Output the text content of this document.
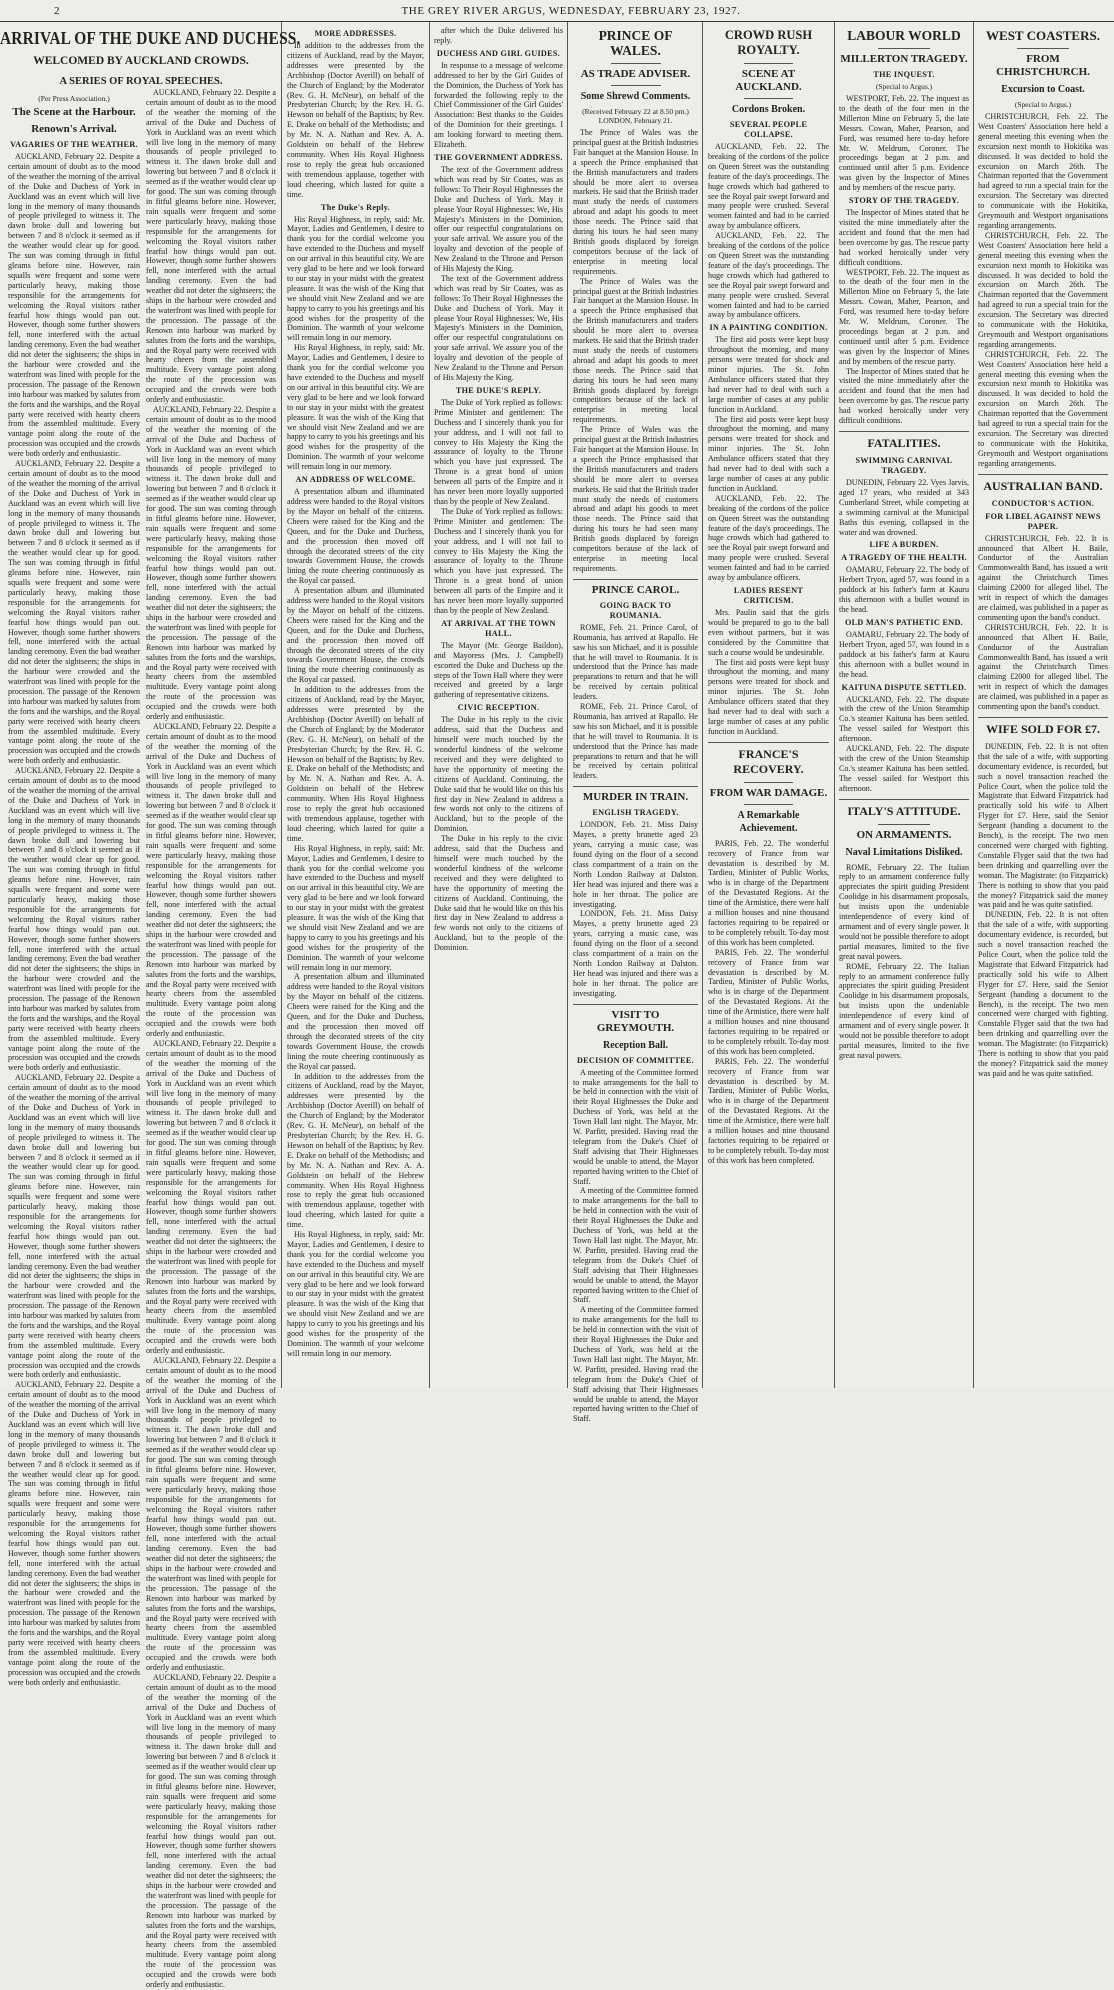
2	THE GREY RIVER ARGUS, WEDNESDAY, FEBRUARY 23, 1927.
ARRIVAL OF THE DUKE AND DUCHESS.
WELCOMED BY AUCKLAND CROWDS.
A SERIES OF ROYAL SPEECHES.
(Per Press Association.)
The Scene at the Harbour.
Renown's Arrival.
VAGARIES OF THE WEATHER.

AUCKLAND, February 22. Despite a certain amount of doubt as to the mood of the weather the morning of the arrival of the Duke and Duchess of York in Auckland was an event which will live long in the memory of many thousands of people privileged to witness it. The dawn broke dull and lowering but between 7 and 8 o'clock it seemed as if the weather would clear up for good. The sun was coming through in fitful gleams before nine. However, rain squalls were frequent and some were particularly heavy, making those responsible for the arrangements for welcoming the Royal visitors rather fearful how things would pan out. However, though some further showers fell, none interfered with the actual landing ceremony. Even the bad weather did not deter the sightseers; the ships in the harbour were crowded and the waterfront was lined with people for the procession. The passage of the Renown into harbour was marked by salutes from the forts and the warships, and the Royal party were received with hearty cheers from the assembled multitude. Every vantage point along the route of the procession was occupied and the crowds were both orderly and enthusiastic.

AUCKLAND, February 22. Despite a certain amount of doubt as to the mood of the weather the morning of the arrival of the Duke and Duchess of York in Auckland was an event which will live long in the memory of many thousands of people privileged to witness it. The dawn broke dull and lowering but between 7 and 8 o'clock it seemed as if the weather would clear up for good. The sun was coming through in fitful gleams before nine. However, rain squalls were frequent and some were particularly heavy, making those responsible for the arrangements for welcoming the Royal visitors rather fearful how things would pan out. However, though some further showers fell, none interfered with the actual landing ceremony. Even the bad weather did not deter the sightseers; the ships in the harbour were crowded and the waterfront was lined with people for the procession. The passage of the Renown into harbour was marked by salutes from the forts and the warships, and the Royal party were received with hearty cheers from the assembled multitude. Every vantage point along the route of the procession was occupied and the crowds were both orderly and enthusiastic.

AUCKLAND, February 22. Despite a certain amount of doubt as to the mood of the weather the morning of the arrival of the Duke and Duchess of York in Auckland was an event which will live long in the memory of many thousands of people privileged to witness it. The dawn broke dull and lowering but between 7 and 8 o'clock it seemed as if the weather would clear up for good. The sun was coming through in fitful gleams before nine. However, rain squalls were frequent and some were particularly heavy, making those responsible for the arrangements for welcoming the Royal visitors rather fearful how things would pan out. However, though some further showers fell, none interfered with the actual landing ceremony. Even the bad weather did not deter the sightseers; the ships in the harbour were crowded and the waterfront was lined with people for the procession. The passage of the Renown into harbour was marked by salutes from the forts and the warships, and the Royal party were received with hearty cheers from the assembled multitude. Every vantage point along the route of the procession was occupied and the crowds were both orderly and enthusiastic.

AUCKLAND, February 22. Despite a certain amount of doubt as to the mood of the weather the morning of the arrival of the Duke and Duchess of York in Auckland was an event which will live long in the memory of many thousands of people privileged to witness it. The dawn broke dull and lowering but between 7 and 8 o'clock it seemed as if the weather would clear up for good. The sun was coming through in fitful gleams before nine. However, rain squalls were frequent and some were particularly heavy, making those responsible for the arrangements for welcoming the Royal visitors rather fearful how things would pan out. However, though some further showers fell, none interfered with the actual landing ceremony. Even the bad weather did not deter the sightseers; the ships in the harbour were crowded and the waterfront was lined with people for the procession. The passage of the Renown into harbour was marked by salutes from the forts and the warships, and the Royal party were received with hearty cheers from the assembled multitude. Every vantage point along the route of the procession was occupied and the crowds were both orderly and enthusiastic.

AUCKLAND, February 22. Despite a certain amount of doubt as to the mood of the weather the morning of the arrival of the Duke and Duchess of York in Auckland was an event which will live long in the memory of many thousands of people privileged to witness it. The dawn broke dull and lowering but between 7 and 8 o'clock it seemed as if the weather would clear up for good. The sun was coming through in fitful gleams before nine. However, rain squalls were frequent and some were particularly heavy, making those responsible for the arrangements for welcoming the Royal visitors rather fearful how things would pan out. However, though some further showers fell, none interfered with the actual landing ceremony. Even the bad weather did not deter the sightseers; the ships in the harbour were crowded and the waterfront was lined with people for the procession. The passage of the Renown into harbour was marked by salutes from the forts and the warships, and the Royal party were received with hearty cheers from the assembled multitude. Every vantage point along the route of the procession was occupied and the crowds were both orderly and enthusiastic.

AUCKLAND, February 22. Despite a certain amount of doubt as to the mood of the weather the morning of the arrival of the Duke and Duchess of York in Auckland was an event which will live long in the memory of many thousands of people privileged to witness it. The dawn broke dull and lowering but between 7 and 8 o'clock it seemed as if the weather would clear up for good. The sun was coming through in fitful gleams before nine. However, rain squalls were frequent and some were particularly heavy, making those responsible for the arrangements for welcoming the Royal visitors rather fearful how things would pan out. However, though some further showers fell, none interfered with the actual landing ceremony. Even the bad weather did not deter the sightseers; the ships in the harbour were crowded and the waterfront was lined with people for the procession. The passage of the Renown into harbour was marked by salutes from the forts and the warships, and the Royal party were received with hearty cheers from the assembled multitude. Every vantage point along the route of the procession was occupied and the crowds were both orderly and enthusiastic.

AUCKLAND, February 22. Despite a certain amount of doubt as to the mood of the weather the morning of the arrival of the Duke and Duchess of York in Auckland was an event which will live long in the memory of many thousands of people privileged to witness it. The dawn broke dull and lowering but between 7 and 8 o'clock it seemed as if the weather would clear up for good. The sun was coming through in fitful gleams before nine. However, rain squalls were frequent and some were particularly heavy, making those responsible for the arrangements for welcoming the Royal visitors rather fearful how things would pan out. However, though some further showers fell, none interfered with the actual landing ceremony. Even the bad weather did not deter the sightseers; the ships in the harbour were crowded and the waterfront was lined with people for the procession. The passage of the Renown into harbour was marked by salutes from the forts and the warships, and the Royal party were received with hearty cheers from the assembled multitude. Every vantage point along the route of the procession was occupied and the crowds were both orderly and enthusiastic.

AUCKLAND, February 22. Despite a certain amount of doubt as to the mood of the weather the morning of the arrival of the Duke and Duchess of York in Auckland was an event which will live long in the memory of many thousands of people privileged to witness it. The dawn broke dull and lowering but between 7 and 8 o'clock it seemed as if the weather would clear up for good. The sun was coming through in fitful gleams before nine. However, rain squalls were frequent and some were particularly heavy, making those responsible for the arrangements for welcoming the Royal visitors rather fearful how things would pan out. However, though some further showers fell, none interfered with the actual landing ceremony. Even the bad weather did not deter the sightseers; the ships in the harbour were crowded and the waterfront was lined with people for the procession. The passage of the Renown into harbour was marked by salutes from the forts and the warships, and the Royal party were received with hearty cheers from the assembled multitude. Every vantage point along the route of the procession was occupied and the crowds were both orderly and enthusiastic.

AUCKLAND, February 22. Despite a certain amount of doubt as to the mood of the weather the morning of the arrival of the Duke and Duchess of York in Auckland was an event which will live long in the memory of many thousands of people privileged to witness it. The dawn broke dull and lowering but between 7 and 8 o'clock it seemed as if the weather would clear up for good. The sun was coming through in fitful gleams before nine. However, rain squalls were frequent and some were particularly heavy, making those responsible for the arrangements for welcoming the Royal visitors rather fearful how things would pan out. However, though some further showers fell, none interfered with the actual landing ceremony. Even the bad weather did not deter the sightseers; the ships in the harbour were crowded and the waterfront was lined with people for the procession. The passage of the Renown into harbour was marked by salutes from the forts and the warships, and the Royal party were received with hearty cheers from the assembled multitude. Every vantage point along the route of the procession was occupied and the crowds were both orderly and enthusiastic.

AUCKLAND, February 22. Despite a certain amount of doubt as to the mood of the weather the morning of the arrival of the Duke and Duchess of York in Auckland was an event which will live long in the memory of many thousands of people privileged to witness it. The dawn broke dull and lowering but between 7 and 8 o'clock it seemed as if the weather would clear up for good. The sun was coming through in fitful gleams before nine. However, rain squalls were frequent and some were particularly heavy, making those responsible for the arrangements for welcoming the Royal visitors rather fearful how things would pan out. However, though some further showers fell, none interfered with the actual landing ceremony. Even the bad weather did not deter the sightseers; the ships in the harbour were crowded and the waterfront was lined with people for the procession. The passage of the Renown into harbour was marked by salutes from the forts and the warships, and the Royal party were received with hearty cheers from the assembled multitude. Every vantage point along the route of the procession was occupied and the crowds were both orderly and enthusiastic.

AUCKLAND, February 22. Despite a certain amount of doubt as to the mood of the weather the morning of the arrival of the Duke and Duchess of York in Auckland was an event which will live long in the memory of many thousands of people privileged to witness it. The dawn broke dull and lowering but between 7 and 8 o'clock it seemed as if the weather would clear up for good. The sun was coming through in fitful gleams before nine. However, rain squalls were frequent and some were particularly heavy, making those responsible for the arrangements for welcoming the Royal visitors rather fearful how things would pan out. However, though some further showers fell, none interfered with the actual landing ceremony. Even the bad weather did not deter the sightseers; the ships in the harbour were crowded and the waterfront was lined with people for the procession. The passage of the Renown into harbour was marked by salutes from the forts and the warships, and the Royal party were received with hearty cheers from the assembled multitude. Every vantage point along the route of the procession was occupied and the crowds were both orderly and enthusiastic.

MORE ADDRESSES.

In addition to the addresses from the citizens of Auckland, read by the Mayor, addresses were presented by the Archbishop (Doctor Averill) on behalf of the Church of England; by the Moderator (Rev. G. H. McNeur), on behalf of the Presbyterian Church; by the Rev. H. G. Hewson on behalf of the Baptists; by Rev. E. Drake on behalf of the Methodists; and by Mr. N. A. Nathan and Rev. A. A. Goldstein on behalf of the Hebrew community. When His Royal Highness rose to reply the great hub occasioned with tremendous applause, together with loud cheering, which lasted for quite a time.

The Duke's Reply.

His Royal Highness, in reply, said: Mr. Mayor, Ladies and Gentlemen, I desire to thank you for the cordial welcome you have extended to the Duchess and myself on our arrival in this beautiful city. We are very glad to be here and we look forward to our stay in your midst with the greatest pleasure. It was the wish of the King that we should visit New Zealand and we are happy to carry to you his greetings and his good wishes for the prosperity of the Dominion. The warmth of your welcome will remain long in our memory.

His Royal Highness, in reply, said: Mr. Mayor, Ladies and Gentlemen, I desire to thank you for the cordial welcome you have extended to the Duchess and myself on our arrival in this beautiful city. We are very glad to be here and we look forward to our stay in your midst with the greatest pleasure. It was the wish of the King that we should visit New Zealand and we are happy to carry to you his greetings and his good wishes for the prosperity of the Dominion. The warmth of your welcome will remain long in our memory.

AN ADDRESS OF WELCOME.

A presentation album and illuminated address were handed to the Royal visitors by the Mayor on behalf of the citizens. Cheers were raised for the King and the Queen, and for the Duke and Duchess, and the procession then moved off through the decorated streets of the city towards Government House, the crowds lining the route cheering continuously as the Royal car passed.

A presentation album and illuminated address were handed to the Royal visitors by the Mayor on behalf of the citizens. Cheers were raised for the King and the Queen, and for the Duke and Duchess, and the procession then moved off through the decorated streets of the city towards Government House, the crowds lining the route cheering continuously as the Royal car passed.

In addition to the addresses from the citizens of Auckland, read by the Mayor, addresses were presented by the Archbishop (Doctor Averill) on behalf of the Church of England; by the Moderator (Rev. G. H. McNeur), on behalf of the Presbyterian Church; by the Rev. H. G. Hewson on behalf of the Baptists; by Rev. E. Drake on behalf of the Methodists; and by Mr. N. A. Nathan and Rev. A. A. Goldstein on behalf of the Hebrew community. When His Royal Highness rose to reply the great hub occasioned with tremendous applause, together with loud cheering, which lasted for quite a time.

His Royal Highness, in reply, said: Mr. Mayor, Ladies and Gentlemen, I desire to thank you for the cordial welcome you have extended to the Duchess and myself on our arrival in this beautiful city. We are very glad to be here and we look forward to our stay in your midst with the greatest pleasure. It was the wish of the King that we should visit New Zealand and we are happy to carry to you his greetings and his good wishes for the prosperity of the Dominion. The warmth of your welcome will remain long in our memory.

A presentation album and illuminated address were handed to the Royal visitors by the Mayor on behalf of the citizens. Cheers were raised for the King and the Queen, and for the Duke and Duchess, and the procession then moved off through the decorated streets of the city towards Government House, the crowds lining the route cheering continuously as the Royal car passed.

In addition to the addresses from the citizens of Auckland, read by the Mayor, addresses were presented by the Archbishop (Doctor Averill) on behalf of the Church of England; by the Moderator (Rev. G. H. McNeur), on behalf of the Presbyterian Church; by the Rev. H. G. Hewson on behalf of the Baptists; by Rev. E. Drake on behalf of the Methodists; and by Mr. N. A. Nathan and Rev. A. A. Goldstein on behalf of the Hebrew community. When His Royal Highness rose to reply the great hub occasioned with tremendous applause, together with loud cheering, which lasted for quite a time.

His Royal Highness, in reply, said: Mr. Mayor, Ladies and Gentlemen, I desire to thank you for the cordial welcome you have extended to the Duchess and myself on our arrival in this beautiful city. We are very glad to be here and we look forward to our stay in your midst with the greatest pleasure. It was the wish of the King that we should visit New Zealand and we are happy to carry to you his greetings and his good wishes for the prosperity of the Dominion. The warmth of your welcome will remain long in our memory.

after which the Duke delivered his reply.

DUCHESS AND GIRL GUIDES.

In response to a message of welcome addressed to her by the Girl Guides of the Dominion, the Duchess of York has forwarded the following reply to the Chief Commissioner of the Girl Guides' Association: Best thanks to the Guides of the Dominion for their greetings. I am looking forward to meeting them. Elizabeth.

THE GOVERNMENT ADDRESS.

The text of the Government address which was read by Sir Coates, was as follows: To Their Royal Highnesses the Duke and Duchess of York. May it please Your Royal Highnesses: We, His Majesty's Ministers in the Dominion, offer our respectful congratulations on your safe arrival. We assure you of the loyalty and devotion of the people of New Zealand to the Throne and Person of His Majesty the King.

The text of the Government address which was read by Sir Coates, was as follows: To Their Royal Highnesses the Duke and Duchess of York. May it please Your Royal Highnesses: We, His Majesty's Ministers in the Dominion, offer our respectful congratulations on your safe arrival. We assure you of the loyalty and devotion of the people of New Zealand to the Throne and Person of His Majesty the King.

THE DUKE'S REPLY.

The Duke of York replied as follows: Prime Minister and gentlemen: The Duchess and I sincerely thank you for your address, and I will not fail to convey to His Majesty the King the assurance of loyalty to the Throne which you have just expressed. The Throne is a great bond of union between all parts of the Empire and it has never been more loyally supported than by the people of New Zealand.

The Duke of York replied as follows: Prime Minister and gentlemen: The Duchess and I sincerely thank you for your address, and I will not fail to convey to His Majesty the King the assurance of loyalty to the Throne which you have just expressed. The Throne is a great bond of union between all parts of the Empire and it has never been more loyally supported than by the people of New Zealand.

AT ARRIVAL AT THE TOWN HALL.

The Mayor (Mr. George Baildon), and Mayoress (Mrs. J. Campbell) escorted the Duke and Duchess up the steps of the Town Hall where they were received and greeted by a large gathering of representative citizens.

CIVIC RECEPTION.

The Duke in his reply to the civic address, said that the Duchess and himself were much touched by the wonderful kindness of the welcome received and they were delighted to have the opportunity of meeting the citizens of Auckland. Continuing, the Duke said that he would like on this his first day in New Zealand to address a few words not only to the citizens of Auckland, but to the people of the Dominion.

The Duke in his reply to the civic address, said that the Duchess and himself were much touched by the wonderful kindness of the welcome received and they were delighted to have the opportunity of meeting the citizens of Auckland. Continuing, the Duke said that he would like on this his first day in New Zealand to address a few words not only to the citizens of Auckland, but to the people of the Dominion.

PRINCE OF WALES.
AS TRADE ADVISER.
Some Shrewd Comments.
(Received February 22 at 8.50 pm.) LONDON, February 21.

The Prince of Wales was the principal guest at the British Industries Fair banquet at the Mansion House. In a speech the Prince emphasised that the British manufacturers and traders should be more alert to oversea markets. He said that the British trader must study the needs of customers abroad and adapt his goods to meet those needs. The Prince said that during his tours he had seen many British goods displaced by foreign competitors because of the lack of enterprise in meeting local requirements.

The Prince of Wales was the principal guest at the British Industries Fair banquet at the Mansion House. In a speech the Prince emphasised that the British manufacturers and traders should be more alert to oversea markets. He said that the British trader must study the needs of customers abroad and adapt his goods to meet those needs. The Prince said that during his tours he had seen many British goods displaced by foreign competitors because of the lack of enterprise in meeting local requirements.

The Prince of Wales was the principal guest at the British Industries Fair banquet at the Mansion House. In a speech the Prince emphasised that the British manufacturers and traders should be more alert to oversea markets. He said that the British trader must study the needs of customers abroad and adapt his goods to meet those needs. The Prince said that during his tours he had seen many British goods displaced by foreign competitors because of the lack of enterprise in meeting local requirements.

PRINCE CAROL.
GOING BACK TO ROUMANIA.

ROME, Feb. 21. Prince Carol, of Roumania, has arrived at Rapallo. He saw his son Michael, and it is possible that he will travel to Roumania. It is understood that the Prince has made preparations to return and that he will be received by certain political leaders.

ROME, Feb. 21. Prince Carol, of Roumania, has arrived at Rapallo. He saw his son Michael, and it is possible that he will travel to Roumania. It is understood that the Prince has made preparations to return and that he will be received by certain political leaders.

MURDER IN TRAIN.
ENGLISH TRAGEDY.

LONDON, Feb. 21. Miss Daisy Mayes, a pretty brunette aged 23 years, carrying a music case, was found dying on the floor of a second class compartment of a train on the North London Railway at Dalston. Her head was injured and there was a hole in her throat. The police are investigating.

LONDON, Feb. 21. Miss Daisy Mayes, a pretty brunette aged 23 years, carrying a music case, was found dying on the floor of a second class compartment of a train on the North London Railway at Dalston. Her head was injured and there was a hole in her throat. The police are investigating.

VISIT TO GREYMOUTH.
Reception Ball.
DECISION OF COMMITTEE.

A meeting of the Committee formed to make arrangements for the ball to be held in connection with the visit of their Royal Highnesses the Duke and Duchess of York, was held at the Town Hall last night. The Mayor, Mr. W. Parfitt, presided. Having read the telegram from the Duke's Chief of Staff advising that Their Highnesses would be unable to attend, the Mayor reported having written to the Chief of Staff.

A meeting of the Committee formed to make arrangements for the ball to be held in connection with the visit of their Royal Highnesses the Duke and Duchess of York, was held at the Town Hall last night. The Mayor, Mr. W. Parfitt, presided. Having read the telegram from the Duke's Chief of Staff advising that Their Highnesses would be unable to attend, the Mayor reported having written to the Chief of Staff.

A meeting of the Committee formed to make arrangements for the ball to be held in connection with the visit of their Royal Highnesses the Duke and Duchess of York, was held at the Town Hall last night. The Mayor, Mr. W. Parfitt, presided. Having read the telegram from the Duke's Chief of Staff advising that Their Highnesses would be unable to attend, the Mayor reported having written to the Chief of Staff.

CROWD RUSH ROYALTY.
SCENE AT AUCKLAND.
Cordons Broken.
SEVERAL PEOPLE COLLAPSE.

AUCKLAND, Feb. 22. The breaking of the cordons of the police on Queen Street was the outstanding feature of the day's proceedings. The huge crowds which had gathered to see the Royal pair swept forward and many people were crushed. Several women fainted and had to be carried away by ambulance officers.

AUCKLAND, Feb. 22. The breaking of the cordons of the police on Queen Street was the outstanding feature of the day's proceedings. The huge crowds which had gathered to see the Royal pair swept forward and many people were crushed. Several women fainted and had to be carried away by ambulance officers.

IN A PAINTING CONDITION.

The first aid posts were kept busy throughout the morning, and many persons were treated for shock and minor injuries. The St. John Ambulance officers stated that they had never had to deal with such a large number of cases at any public function in Auckland.

The first aid posts were kept busy throughout the morning, and many persons were treated for shock and minor injuries. The St. John Ambulance officers stated that they had never had to deal with such a large number of cases at any public function in Auckland.

AUCKLAND, Feb. 22. The breaking of the cordons of the police on Queen Street was the outstanding feature of the day's proceedings. The huge crowds which had gathered to see the Royal pair swept forward and many people were crushed. Several women fainted and had to be carried away by ambulance officers.

LADIES RESENT CRITICISM.

Mrs. Paulin said that the girls would be prepared to go to the ball even without partners, but it was considered by the Committee that such a course would be undesirable.

The first aid posts were kept busy throughout the morning, and many persons were treated for shock and minor injuries. The St. John Ambulance officers stated that they had never had to deal with such a large number of cases at any public function in Auckland.

FRANCE'S RECOVERY.
FROM WAR DAMAGE.
A Remarkable Achievement.

PARIS, Feb. 22. The wonderful recovery of France from war devastation is described by M. Tardieu, Minister of Public Works, who is in charge of the Department of the Devastated Regions. At the time of the Armistice, there were half a million houses and nine thousand factories requiring to be repaired or to be completely rebuilt. To-day most of this work has been completed.

PARIS, Feb. 22. The wonderful recovery of France from war devastation is described by M. Tardieu, Minister of Public Works, who is in charge of the Department of the Devastated Regions. At the time of the Armistice, there were half a million houses and nine thousand factories requiring to be repaired or to be completely rebuilt. To-day most of this work has been completed.

PARIS, Feb. 22. The wonderful recovery of France from war devastation is described by M. Tardieu, Minister of Public Works, who is in charge of the Department of the Devastated Regions. At the time of the Armistice, there were half a million houses and nine thousand factories requiring to be repaired or to be completely rebuilt. To-day most of this work has been completed.

LABOUR WORLD
MILLERTON TRAGEDY.
THE INQUEST.
(Special to Argus.)

WESTPORT, Feb. 22. The inquest as to the death of the four men in the Millerton Mine on February 5, the late Messrs. Cowan, Maher, Pearson, and Ford, was resumed here to-day before Mr. W. Meldrum, Coroner. The proceedings began at 2 p.m. and continued until after 5 p.m. Evidence was given by the Inspector of Mines and by members of the rescue party.

STORY OF THE TRAGEDY.

The Inspector of Mines stated that he visited the mine immediately after the accident and found that the men had been overcome by gas. The rescue party had worked heroically under very difficult conditions.

WESTPORT, Feb. 22. The inquest as to the death of the four men in the Millerton Mine on February 5, the late Messrs. Cowan, Maher, Pearson, and Ford, was resumed here to-day before Mr. W. Meldrum, Coroner. The proceedings began at 2 p.m. and continued until after 5 p.m. Evidence was given by the Inspector of Mines and by members of the rescue party.

The Inspector of Mines stated that he visited the mine immediately after the accident and found that the men had been overcome by gas. The rescue party had worked heroically under very difficult conditions.

FATALITIES.
SWIMMING CARNIVAL TRAGEDY.

DUNEDIN, February 22. Vyes Jarvis, aged 17 years, who resided at 343 Cumberland Street, while competing at a swimming carnival at the Municipal Baths this evening, collapsed in the water and was drowned.

LIFE A BURDEN.
A TRAGEDY OF THE HEALTH.

OAMARU, February 22. The body of Herbert Tryon, aged 57, was found in a paddock at his father's farm at Kauru this afternoon with a bullet wound in the head.

OLD MAN'S PATHETIC END.

OAMARU, February 22. The body of Herbert Tryon, aged 57, was found in a paddock at his father's farm at Kauru this afternoon with a bullet wound in the head.

KAITUNA DISPUTE SETTLED.

AUCKLAND, Feb. 22. The dispute with the crew of the Union Steamship Co.'s steamer Kaituna has been settled. The vessel sailed for Westport this afternoon.

AUCKLAND, Feb. 22. The dispute with the crew of the Union Steamship Co.'s steamer Kaituna has been settled. The vessel sailed for Westport this afternoon.

ITALY'S ATTITUDE.
ON ARMAMENTS.
Naval Limitations Disliked.

ROME, February 22. The Italian reply to an armament conference fully appreciates the spirit guiding President Coolidge in his disarmament proposals, but insists upon the undeniable interdependence of every kind of armament and of every single power. It would not be possible therefore to adopt partial measures, limited to the five great naval powers.

ROME, February 22. The Italian reply to an armament conference fully appreciates the spirit guiding President Coolidge in his disarmament proposals, but insists upon the undeniable interdependence of every kind of armament and of every single power. It would not be possible therefore to adopt partial measures, limited to the five great naval powers.

WEST COASTERS.
FROM CHRISTCHURCH.
Excursion to Coast.
(Special to Argus.)

CHRISTCHURCH, Feb. 22. The West Coasters' Association here held a general meeting this evening when the excursion next month to Hokitika was discussed. It was decided to hold the excursion on March 26th. The Chairman reported that the Government had agreed to run a special train for the excursion. The Secretary was directed to communicate with the Hokitika, Greymouth and Westport organisations regarding arrangements.

CHRISTCHURCH, Feb. 22. The West Coasters' Association here held a general meeting this evening when the excursion next month to Hokitika was discussed. It was decided to hold the excursion on March 26th. The Chairman reported that the Government had agreed to run a special train for the excursion. The Secretary was directed to communicate with the Hokitika, Greymouth and Westport organisations regarding arrangements.

CHRISTCHURCH, Feb. 22. The West Coasters' Association here held a general meeting this evening when the excursion next month to Hokitika was discussed. It was decided to hold the excursion on March 26th. The Chairman reported that the Government had agreed to run a special train for the excursion. The Secretary was directed to communicate with the Hokitika, Greymouth and Westport organisations regarding arrangements.

AUSTRALIAN BAND.
CONDUCTOR'S ACTION.
FOR LIBEL AGAINST NEWS PAPER.

CHRISTCHURCH, Feb. 22. It is announced that Albert H. Baile, Conductor of the Australian Commonwealth Band, has issued a writ against the Christchurch Times claiming £2000 for alleged libel. The writ in respect of which the damages are claimed, was published in a paper as commenting upon the band's conduct.

CHRISTCHURCH, Feb. 22. It is announced that Albert H. Baile, Conductor of the Australian Commonwealth Band, has issued a writ against the Christchurch Times claiming £2000 for alleged libel. The writ in respect of which the damages are claimed, was published in a paper as commenting upon the band's conduct.

WIFE SOLD FOR £7.

DUNEDIN, Feb. 22. It is not often that the sale of a wife, with supporting documentary evidence, is recorded, but such a novel transaction reached the Police Court, when the police told the Magistrate that Edward Fitzpatrick had practically sold his wife to Albert Flyger for £7. Here, said the Senior Sergeant (handing a document to the Bench), is the receipt. The two men concerned were charged with fighting. Constable Flyger said that the two had been drinking and quarrelling over the woman. The Magistrate: (to Fitzpatrick) There is nothing to show that you paid the money? Fitzpatrick said the money was paid and he was quite satisfied.

DUNEDIN, Feb. 22. It is not often that the sale of a wife, with supporting documentary evidence, is recorded, but such a novel transaction reached the Police Court, when the police told the Magistrate that Edward Fitzpatrick had practically sold his wife to Albert Flyger for £7. Here, said the Senior Sergeant (handing a document to the Bench), is the receipt. The two men concerned were charged with fighting. Constable Flyger said that the two had been drinking and quarrelling over the woman. The Magistrate: (to Fitzpatrick) There is nothing to show that you paid the money? Fitzpatrick said the money was paid and he was quite satisfied.
